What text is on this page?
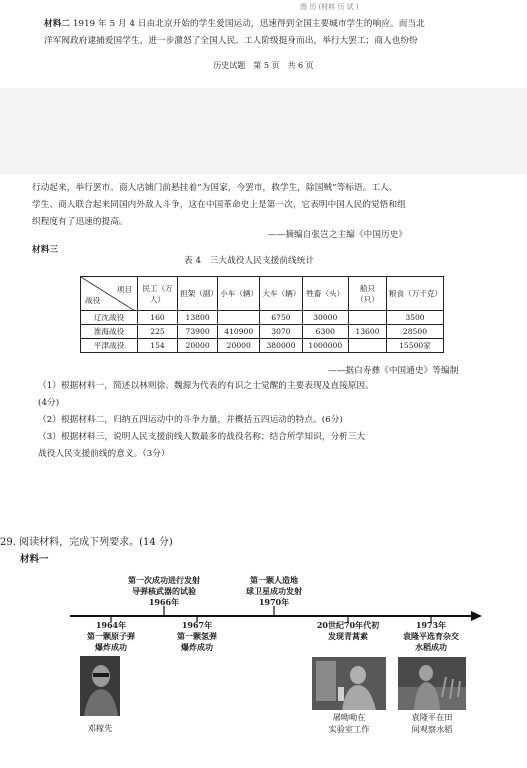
图 历 (材料 历 试 )
材料二 1919 年 5 月 4 日由北京开始的学生爱国运动，迅速得到全国主要城市学生的响应。而当北
洋军阀政府逮捕爱国学生，进一步激怒了全国人民。工人阶级挺身而出，举行大罢工；商人也纷纷
历史试题　第 5 页　共 6 页
行动起来，举行罢市。商人店铺门前悬挂着“为国家，今罢市，救学生，除国贼”等标语。工人、
学生、商人联合起来同国内外敌人斗争，这在中国革命史上是第一次，它表明中国人民的觉悟和组
织程度有了迅速的提高。
——摘编自张岂之主编《中国历史》
材料三
表 4　三大战役人民支援前线统计
项目
战役	民工（万人）	担架（副）	小车（辆）	大车（辆）	牲畜（头）	船只（只）	粮食（万千克）
辽沈战役	160	13800		6750	30000		3500
淮海战役	225	73900	410900	3070	6300	13600	28500
平津战役	154	20000	20000	380000	1000000		15500家
——据白寿彝《中国通史》等编制
（1）根据材料一，简述以林则徐、魏源为代表的有识之士觉醒的主要表现及直接原因。
(4分)
（2）根据材料二，归纳五四运动中的斗争力量，并概括五四运动的特点。(6分)
（3）根据材料三，说明人民支援前线人数最多的战役名称；结合所学知识，分析三大
战役人民支援前线的意义。（3分）
29. 阅读材料，完成下列要求。(14 分)
材料一
第一次成功进行发射
导弹核武器的试验
1966年
第一颗人造地
球卫星成功发射
1970年
1964年
第一颗原子弹
爆炸成功
1967年
第一颗氢弹
爆炸成功
20世纪70年代初
发现青蒿素
1973年
袁隆平选育杂交
水稻成功
邓稼先
屠呦呦在
实验室工作
袁隆平在田
间观察水稻
